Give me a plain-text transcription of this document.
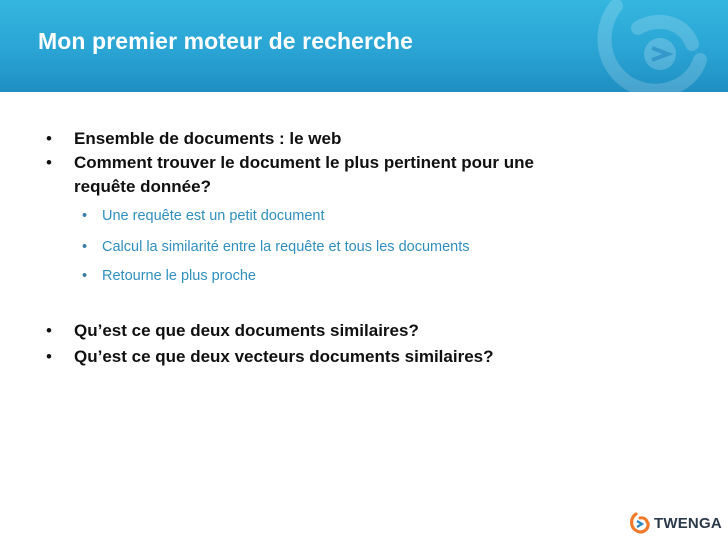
Mon premier moteur de recherche
• Ensemble de documents : le web
• Comment trouver le document le plus pertinent pour une
requête donnée?
• Une requête est un petit document
• Calcul la similarité entre la requête et tous les documents
• Retourne le plus proche
• Qu’est ce que deux documents similaires?
• Qu’est ce que deux vecteurs documents similaires?
TWENGA
